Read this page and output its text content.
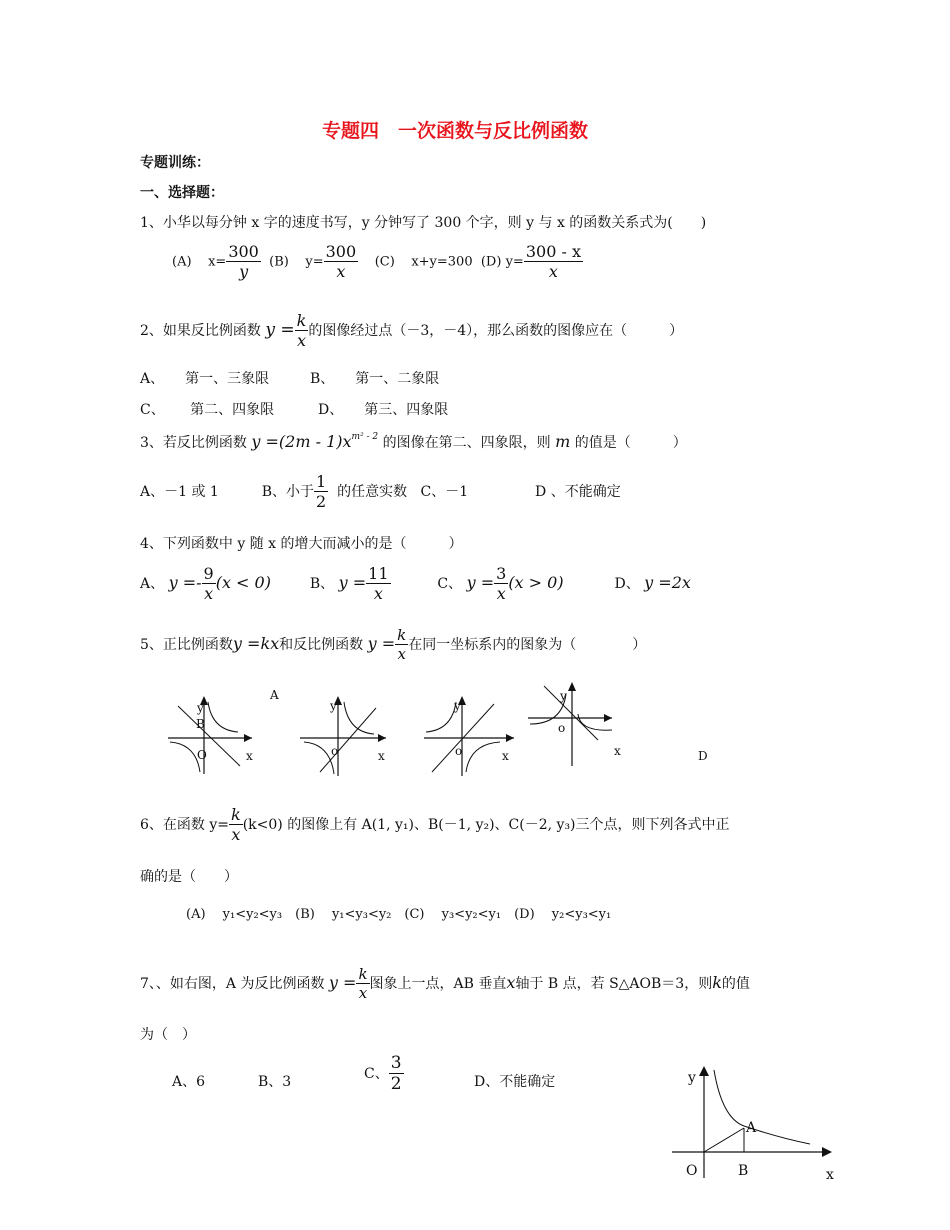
专题四　一次函数与反比例函数
专题训练：
一、选择题：
1、小华以每分钟 x 字的速度书写，y 分钟写了 300 个字，则 y 与 x 的函数关系式为(　　)
(A) $x= \frac{300}{y} (B)$ $y= \frac{300}{x} (C)$ x+y=300 (D) $y= \frac{300 - x}{x}$
2、如果反比例函数 $y = \frac{k}{x}$ 的图像经过点（－3，－4），那么函数的图像应在（　　　）
A、　　第一、三象限	B、　　第一、二象限
C、　　 第二、四象限	D、　　第三、四象限
3、若反比例函数 $y =(2m - 1)x^{m^2 - 2}$ 的图像在第二、四象限，则 m 的值是（　　　）
A、－1 或 1	B、小于 $\frac{1}{2}$ 的任意实数 C、－1	D 、不能确定
4、下列函数中 y 随 x 的增大而减小的是（　　　）
A、 $y =- \frac{9}{x} (x < 0)$	B、 $y = \frac{11}{x}$	C、 $y = \frac{3}{x} (x > 0)$	D、 y =2x
5、正比例函数y =kx和反比例函数 $y = \frac{k}{x}$ 在同一坐标系内的图象为（　　　　）
y
B
O	x
A
y
o	x
y
o	x
y
o
x	D
6、在函数 $y= \frac{k}{x} (k<0)$ 的图像上有 A(1, y₁)、B(－1, y₂)、C(－2, y₃)三个点，则下列各式中正
确的是（　　）
(A)　 y₁<y₂<y₃　(B)　 y₁<y₃<y₂　(C)　 y₃<y₂<y₁　(D)　 y₂<y₃<y₁
7、、如右图，A 为反比例函数 $y = \frac{k}{x}$ 图象上一点，AB 垂直x轴于 B 点，若 S△AOB＝3，则k的值
为（　）
A、6	B、3	C、 $\frac{3}{2}$	D、不能确定	y
A
O	B	x
